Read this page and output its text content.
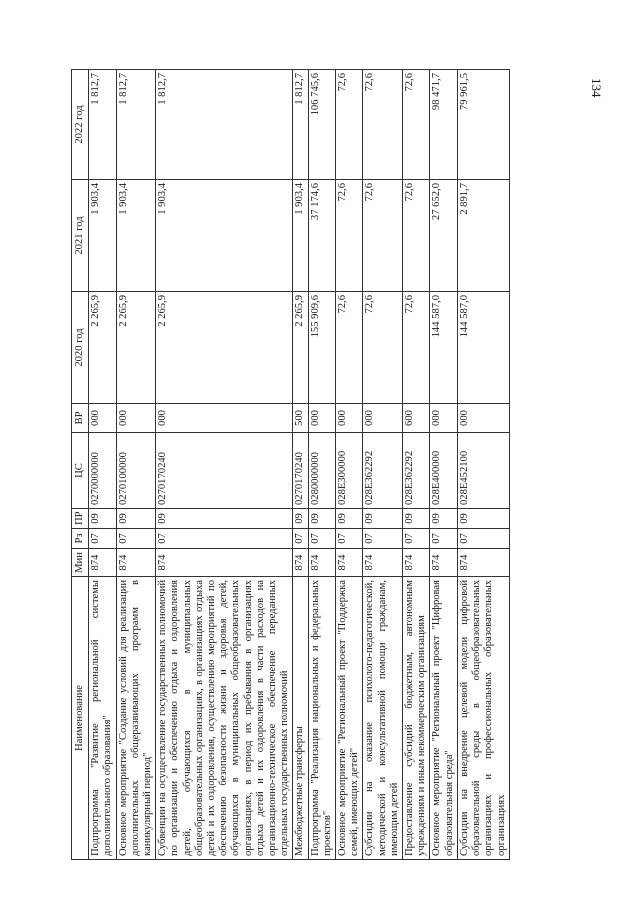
134
Наименование	Мин	Рз	ПР	ЦС	ВР	2020 год	2021 год	2022 год
Подпрограмма "Развитие региональной системы дополнительного образования"	874	07	09	0270000000	000	2 265,9	1 903,4	1 812,7
Основное мероприятие "Создание условий для реализации дополнительных общеразвивающих программ в каникулярный период"	874	07	09	0270100000	000	2 265,9	1 903,4	1 812,7
Субвенции на осуществление государственных полномочий по организации и обеспечению отдыха и оздоровления детей, обучающихся в муниципальных общеобразовательных организациях, в организациях отдыха детей и их оздоровления, осуществлению мероприятий по обеспечению безопасности жизни и здоровья детей, обучающихся в муниципальных общеобразовательных организациях, в период их пребывания в организациях отдыха детей и их оздоровления в части расходов на организационно-техническое обеспечение переданных отдельных государственных полномочий	874	07	09	0270170240	000	2 265,9	1 903,4	1 812,7
Межбюджетные трансферты	874	07	09	0270170240	500	2 265,9	1 903,4	1 812,7
Подпрограмма "Реализация национальных и федеральных проектов"	874	07	09	0280000000	000	155 909,6	37 174,6	106 745,6
Основное мероприятие "Региональный проект "Поддержка семей, имеющих детей"	874	07	09	028E300000	000	72,6	72,6	72,6
Субсидии на оказание психолого-педагогической, методической и консультативной помощи гражданам, имеющим детей	874	07	09	028E362292	000	72,6	72,6	72,6
Предоставление субсидий бюджетным, автономным учреждениям и иным некоммерческим организациям	874	07	09	028E362292	600	72,6	72,6	72,6
Основное мероприятие "Региональный проект "Цифровая образовательная среда"	874	07	09	028E400000	000	144 587,0	27 652,0	98 471,7
Субсидии на внедрение целевой модели цифровой образовательной среды в общеобразовательных организациях и профессиональных образовательных организациях	874	07	09	028E452100	000	144 587,0	2 891,7	79 961,5
